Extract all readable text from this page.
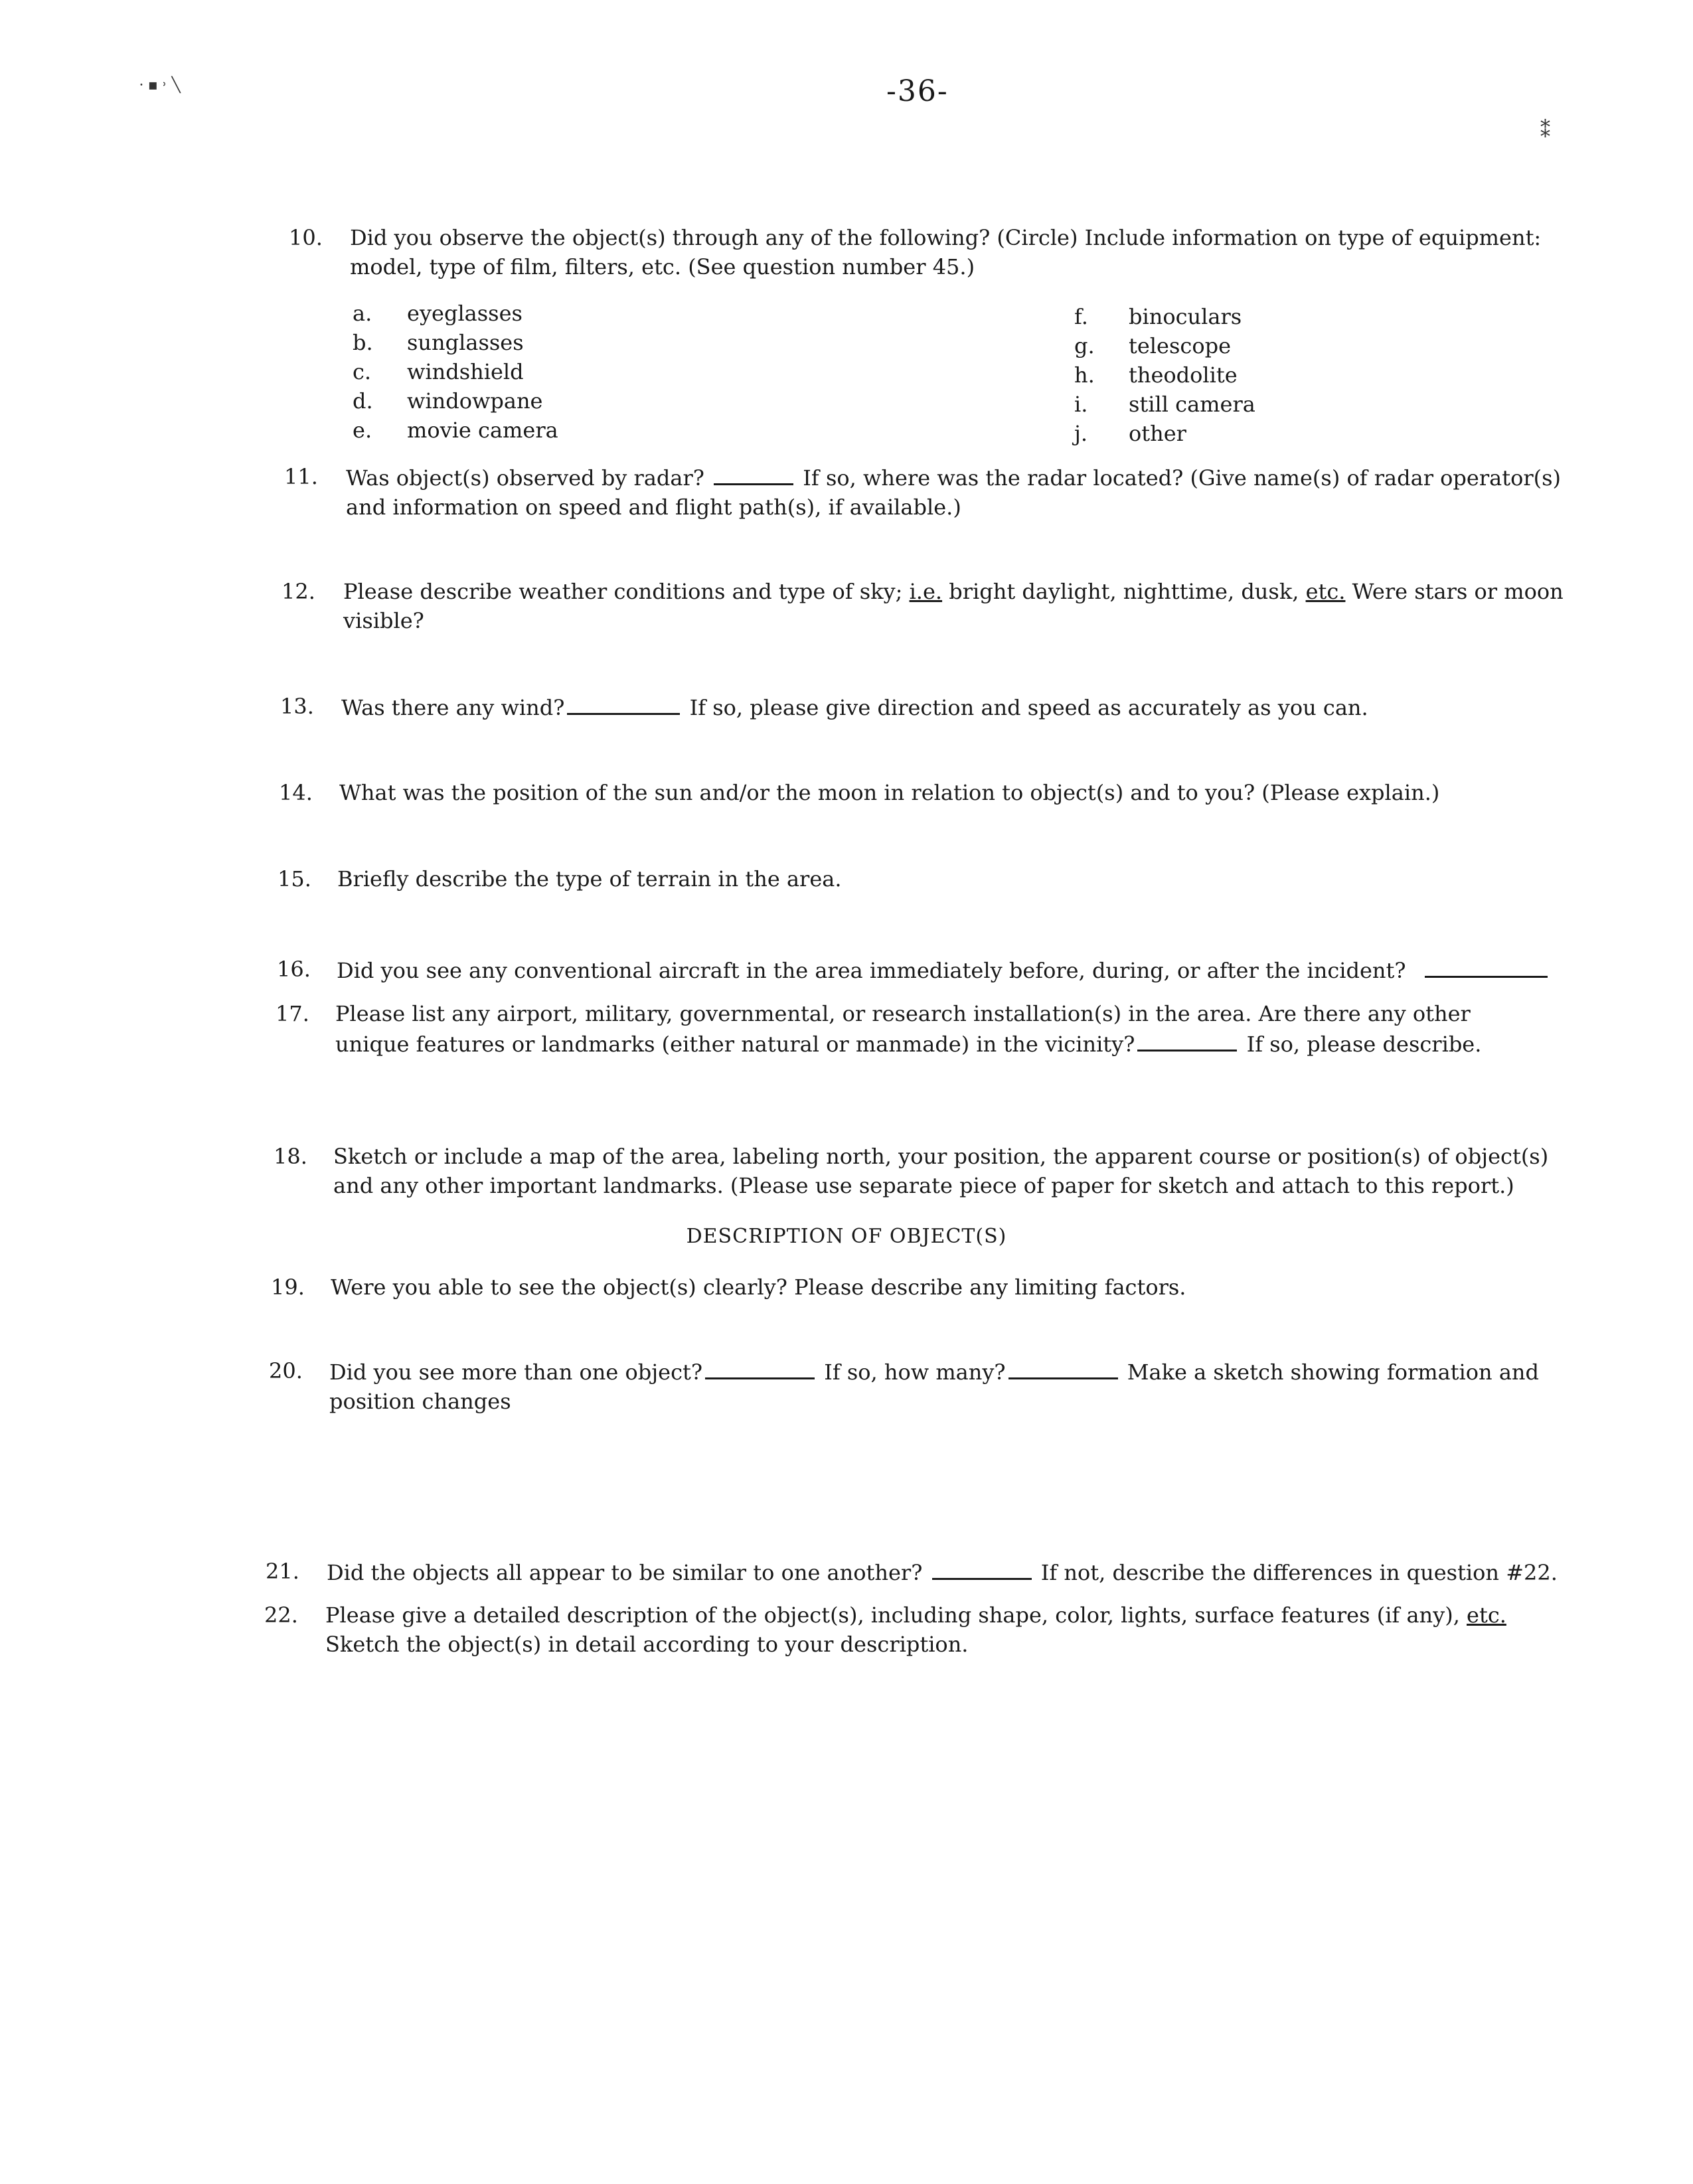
⸱ ▪ ˒ ╲
⁑
-36-
10.	Did you observe the object(s) through any of the following? (Circle) Include information on type of equipment:
model, type of film, filters, etc. (See question number 45.)
a.	eyeglasses
b.	sunglasses
c.	windshield
d.	windowpane
e.	movie camera
f.	binoculars
g.	telescope
h.	theodolite
i.	still camera
j.	other
11.	Was object(s) observed by radar?	If so, where was the radar located? (Give name(s) of radar operator(s)
and information on speed and flight path(s), if available.)
12.	Please describe weather conditions and type of sky; i.e. bright daylight, nighttime, dusk, etc. Were stars or moon
visible?
13.	Was there any wind?	If so, please give direction and speed as accurately as you can.
14.	What was the position of the sun and/or the moon in relation to object(s) and to you? (Please explain.)
15.	Briefly describe the type of terrain in the area.
16.	Did you see any conventional aircraft in the area immediately before, during, or after the incident?
17.	Please list any airport, military, governmental, or research installation(s) in the area. Are there any other
unique features or landmarks (either natural or manmade) in the vicinity?	If so, please describe.
18.	Sketch or include a map of the area, labeling north, your position, the apparent course or position(s) of object(s)
and any other important landmarks. (Please use separate piece of paper for sketch and attach to this report.)
DESCRIPTION OF OBJECT(S)
19.	Were you able to see the object(s) clearly? Please describe any limiting factors.
20.	Did you see more than one object?	If so, how many?	Make a sketch showing formation and
position changes
21.	Did the objects all appear to be similar to one another?	If not, describe the differences in question #22.
22.	Please give a detailed description of the object(s), including shape, color, lights, surface features (if any), etc.
Sketch the object(s) in detail according to your description.
